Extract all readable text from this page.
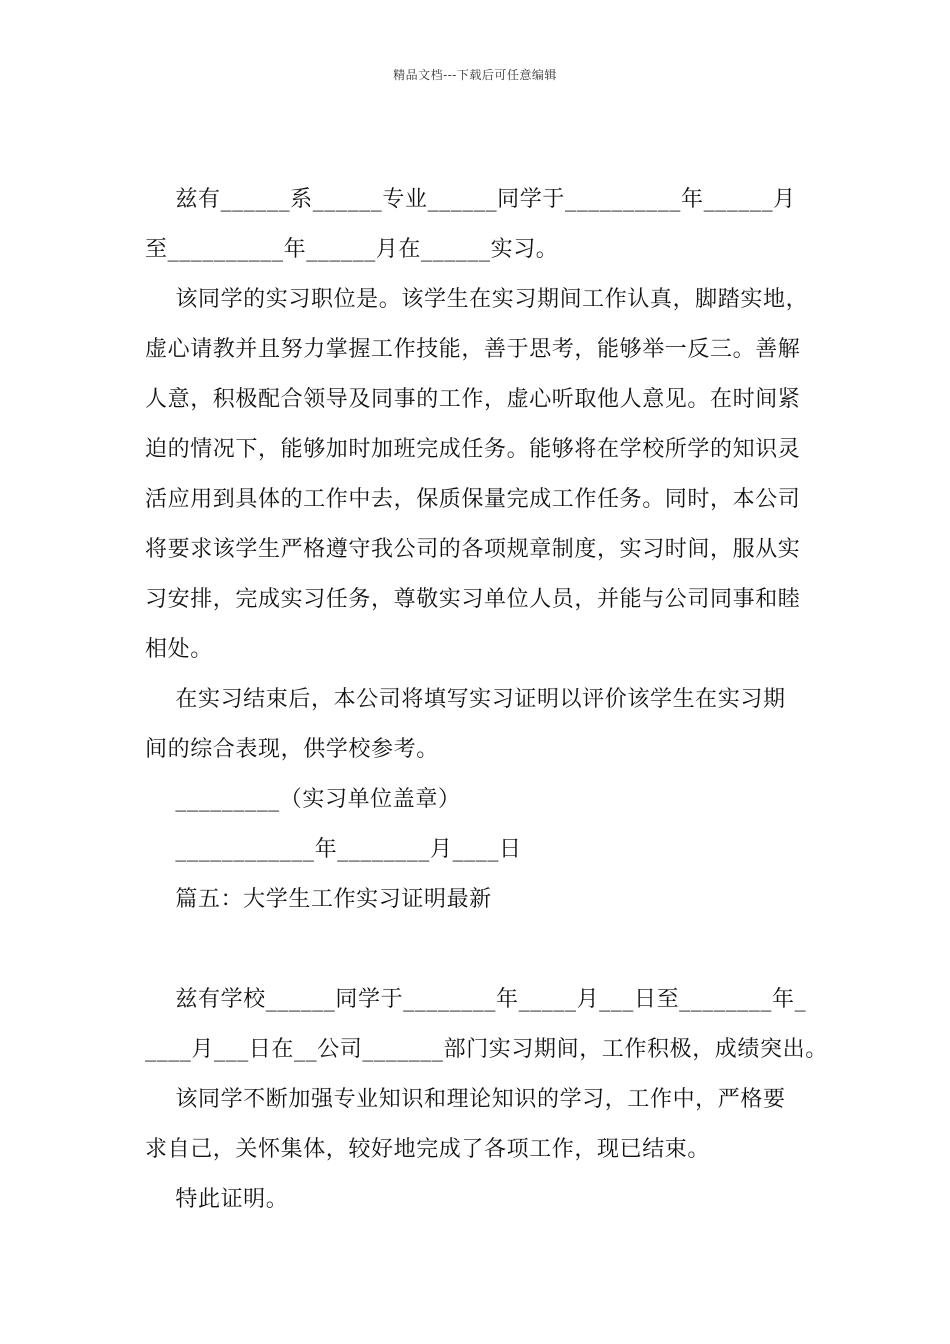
精品文档---下载后可任意编辑
兹有______系______专业______同学于__________年______月
至__________年______月在______实习。
该同学的实习职位是。该学生在实习期间工作认真，脚踏实地，
虚心请教并且努力掌握工作技能，善于思考，能够举一反三。善解
人意，积极配合领导及同事的工作，虚心听取他人意见。在时间紧
迫的情况下，能够加时加班完成任务。能够将在学校所学的知识灵
活应用到具体的工作中去，保质保量完成工作任务。同时，本公司
将要求该学生严格遵守我公司的各项规章制度，实习时间，服从实
习安排，完成实习任务，尊敬实习单位人员，并能与公司同事和睦
相处。
在实习结束后，本公司将填写实习证明以评价该学生在实习期
间的综合表现，供学校参考。
_________（实习单位盖章）
____________年________月____日
篇五：大学生工作实习证明最新
兹有学校______同学于________年_____月___日至________年_
____月___日在__公司_______部门实习期间，工作积极，成绩突出。
该同学不断加强专业知识和理论知识的学习，工作中，严格要
求自己，关怀集体，较好地完成了各项工作，现已结束。
特此证明。
